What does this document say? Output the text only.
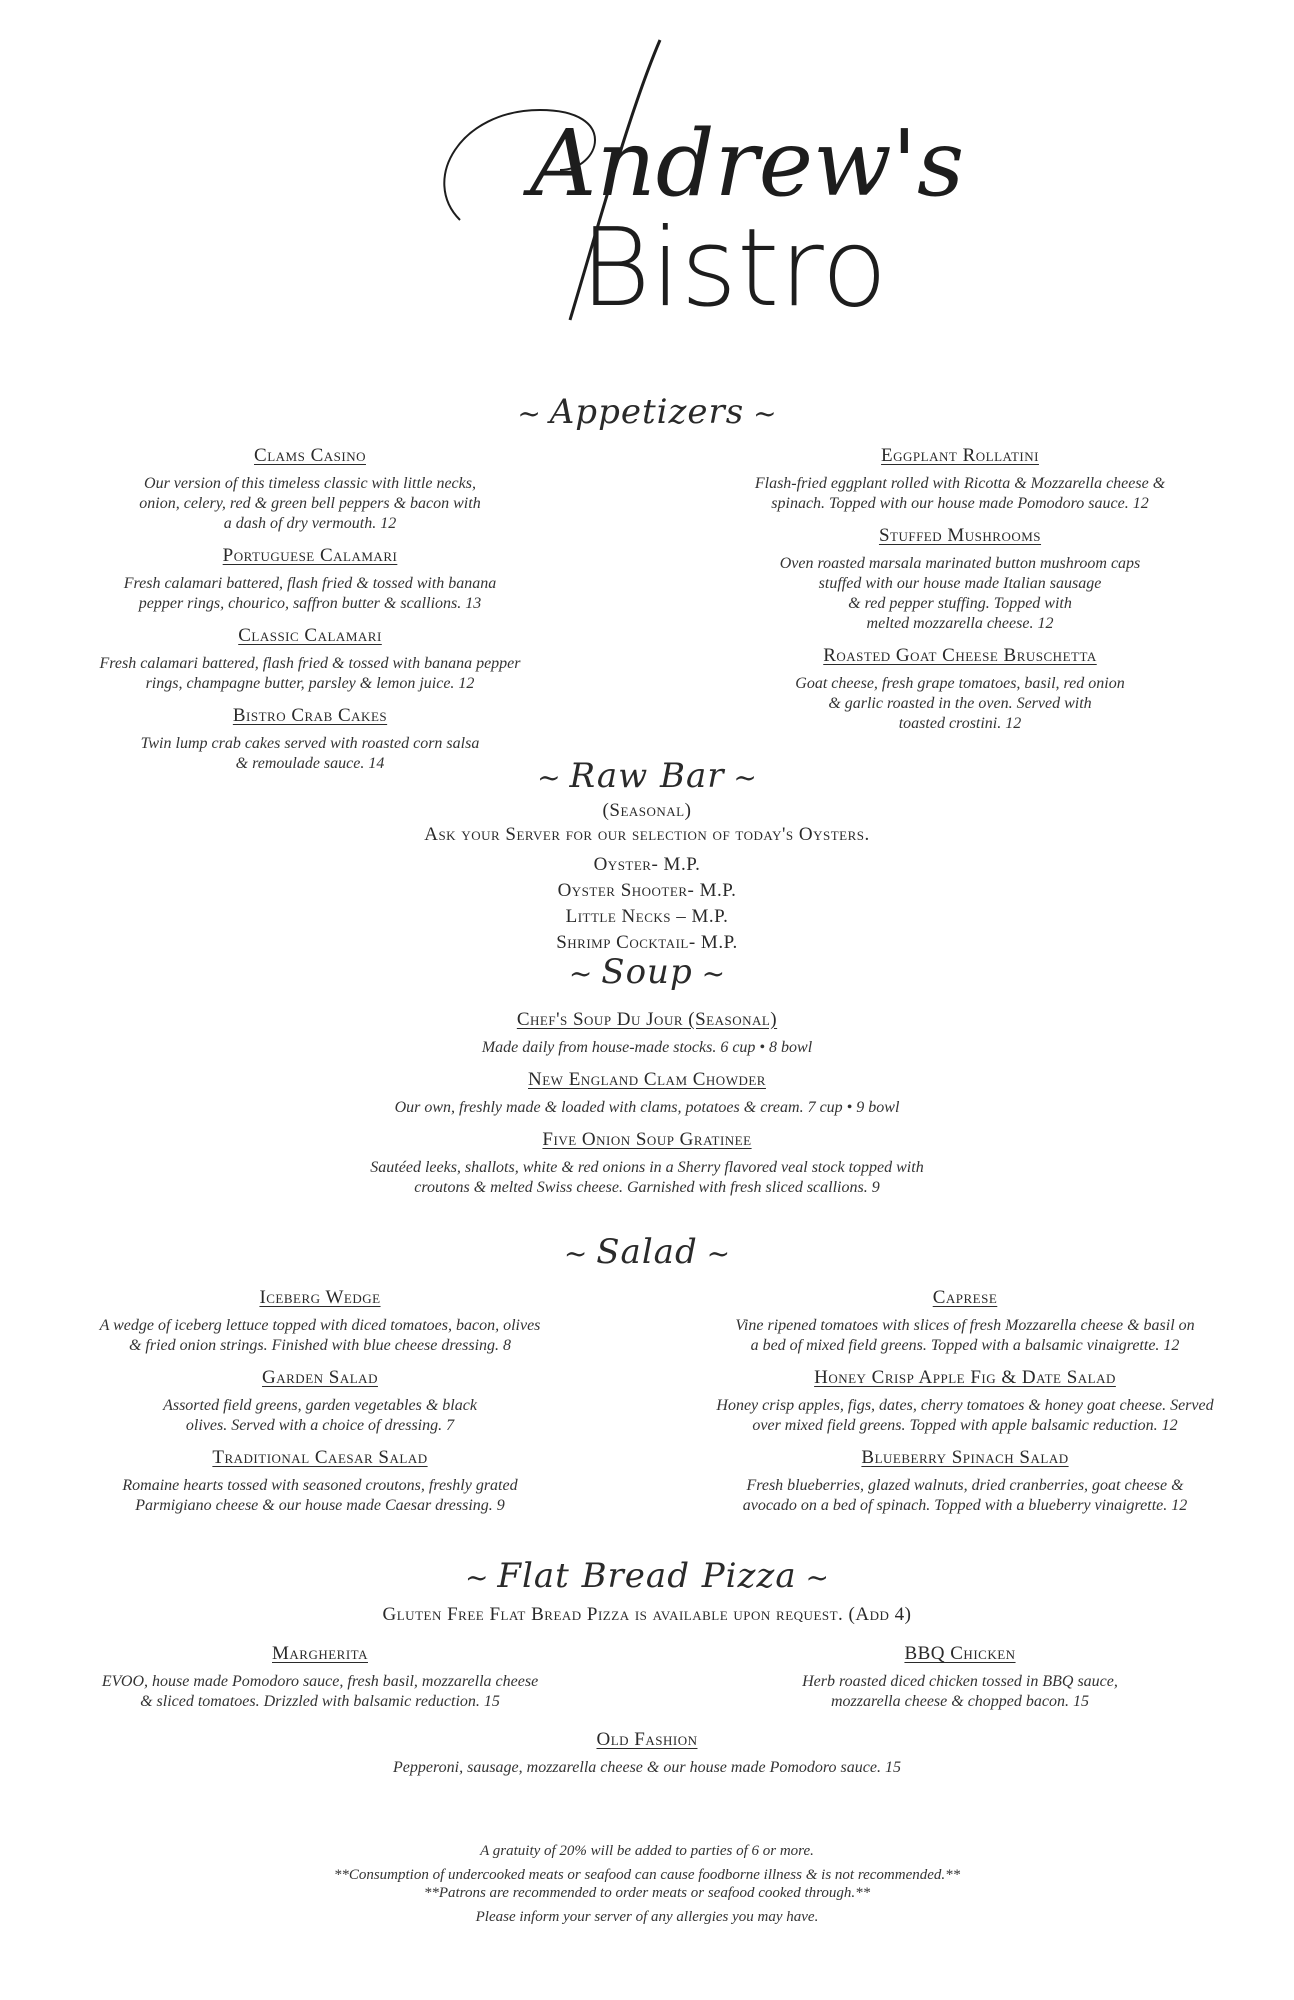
Andrew's
Bistro
~ Appetizers ~
Clams Casino
Our version of this timeless classic with little necks,
onion, celery, red & green bell peppers & bacon with
a dash of dry vermouth. 12
Portuguese Calamari
Fresh calamari battered, flash fried & tossed with banana
pepper rings, chourico, saffron butter & scallions. 13
Classic Calamari
Fresh calamari battered, flash fried & tossed with banana pepper
rings, champagne butter, parsley & lemon juice. 12
Bistro Crab Cakes
Twin lump crab cakes served with roasted corn salsa
& remoulade sauce. 14
Eggplant Rollatini
Flash-fried eggplant rolled with Ricotta & Mozzarella cheese &
spinach. Topped with our house made Pomodoro sauce. 12
Stuffed Mushrooms
Oven roasted marsala marinated button mushroom caps
stuffed with our house made Italian sausage
& red pepper stuffing. Topped with
melted mozzarella cheese. 12
Roasted Goat Cheese Bruschetta
Goat cheese, fresh grape tomatoes, basil, red onion
& garlic roasted in the oven. Served with
toasted crostini. 12
~ Raw Bar ~
(Seasonal)
Ask your Server for our selection of today's Oysters.
Oyster- M.P.
Oyster Shooter- M.P.
Little Necks – M.P.
Shrimp Cocktail- M.P.
~ Soup ~
Chef's Soup Du Jour (Seasonal)
Made daily from house-made stocks. 6 cup • 8 bowl
New England Clam Chowder
Our own, freshly made & loaded with clams, potatoes & cream. 7 cup • 9 bowl
Five Onion Soup Gratinee
Sautéed leeks, shallots, white & red onions in a Sherry flavored veal stock topped with
croutons & melted Swiss cheese. Garnished with fresh sliced scallions. 9
~ Salad ~
Iceberg Wedge
A wedge of iceberg lettuce topped with diced tomatoes, bacon, olives
& fried onion strings. Finished with blue cheese dressing. 8
Garden Salad
Assorted field greens, garden vegetables & black
olives. Served with a choice of dressing. 7
Traditional Caesar Salad
Romaine hearts tossed with seasoned croutons, freshly grated
Parmigiano cheese & our house made Caesar dressing. 9
Caprese
Vine ripened tomatoes with slices of fresh Mozzarella cheese & basil on
a bed of mixed field greens. Topped with a balsamic vinaigrette. 12
Honey Crisp Apple Fig & Date Salad
Honey crisp apples, figs, dates, cherry tomatoes & honey goat cheese. Served
over mixed field greens. Topped with apple balsamic reduction. 12
Blueberry Spinach Salad
Fresh blueberries, glazed walnuts, dried cranberries, goat cheese &
avocado on a bed of spinach. Topped with a blueberry vinaigrette. 12
~ Flat Bread Pizza ~
Gluten Free Flat Bread Pizza is available upon request. (Add 4)
Margherita
EVOO, house made Pomodoro sauce, fresh basil, mozzarella cheese
& sliced tomatoes. Drizzled with balsamic reduction. 15
BBQ Chicken
Herb roasted diced chicken tossed in BBQ sauce,
mozzarella cheese & chopped bacon. 15
Old Fashion
Pepperoni, sausage, mozzarella cheese & our house made Pomodoro sauce. 15

A gratuity of 20% will be added to parties of 6 or more.

**Consumption of undercooked meats or seafood can cause foodborne illness & is not recommended.**

**Patrons are recommended to order meats or seafood cooked through.**

Please inform your server of any allergies you may have.
